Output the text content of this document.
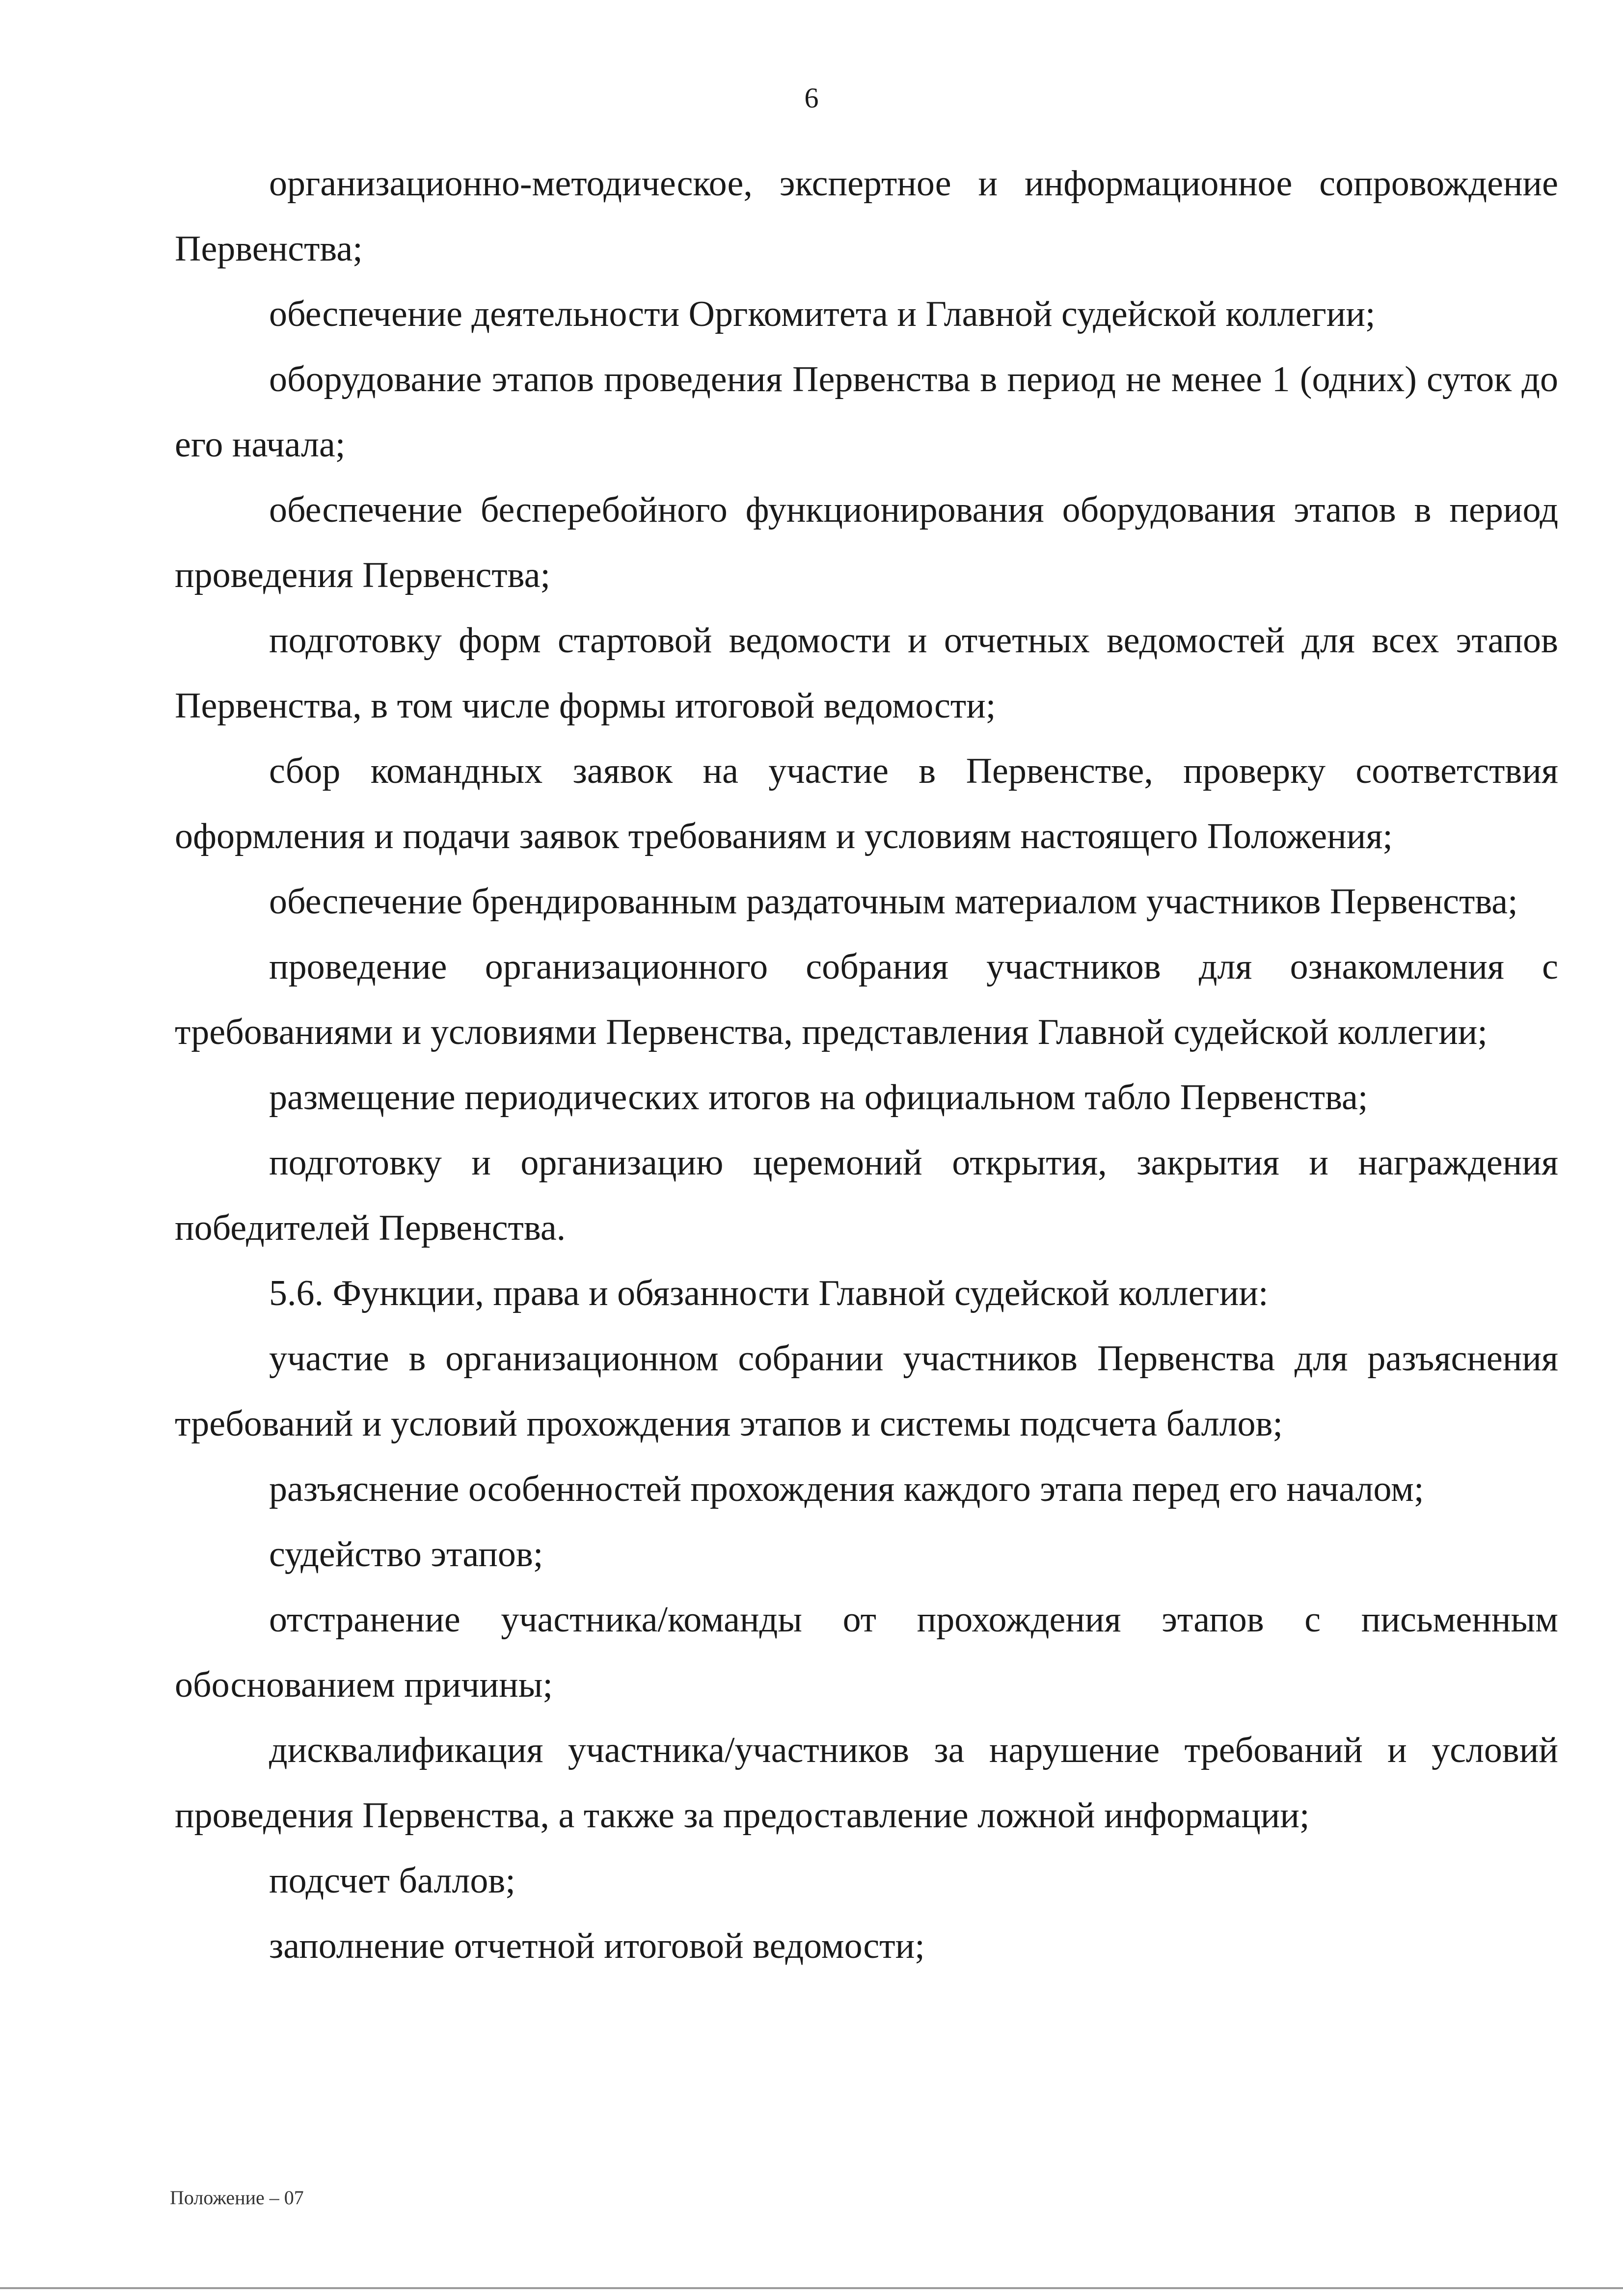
6

организационно-методическое, экспертное и информационное сопровождение Первенства;

обеспечение деятельности Оргкомитета и Главной судейской коллегии;

оборудование этапов проведения Первенства в период не менее 1 (одних) суток до его начала;

обеспечение бесперебойного функционирования оборудования этапов в период проведения Первенства;

подготовку форм стартовой ведомости и отчетных ведомостей для всех этапов Первенства, в том числе формы итоговой ведомости;

сбор командных заявок на участие в Первенстве, проверку соответствия оформления и подачи заявок требованиям и условиям настоящего Положения;

обеспечение брендированным раздаточным материалом участников Первенства;

проведение организационного собрания участников для ознакомления с требованиями и условиями Первенства, представления Главной судейской коллегии;

размещение периодических итогов на официальном табло Первенства;

подготовку и организацию церемоний открытия, закрытия и награждения победителей Первенства.

5.6. Функции, права и обязанности Главной судейской коллегии:

участие в организационном собрании участников Первенства для разъяснения требований и условий прохождения этапов и системы подсчета баллов;

разъяснение особенностей прохождения каждого этапа перед его началом;

судейство этапов;

отстранение участника/команды от прохождения этапов с письменным обоснованием причины;

дисквалификация участника/участников за нарушение требований и условий проведения Первенства, а также за предоставление ложной информации;

подсчет баллов;

заполнение отчетной итоговой ведомости;

Положение – 07
